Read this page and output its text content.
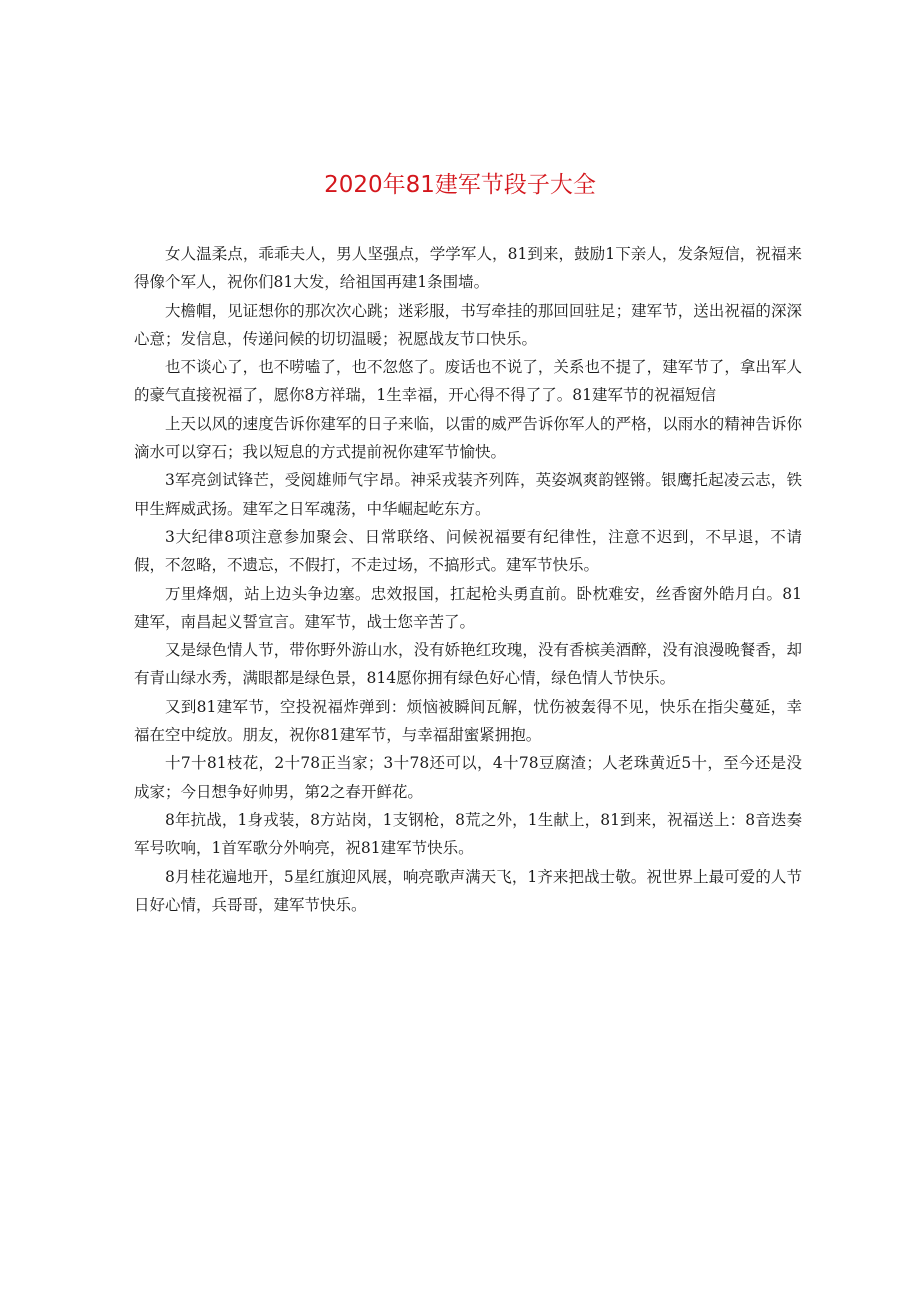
2020年81建军节段子大全

女人温柔点，乖乖夫人，男人坚强点，学学军人，81到来，鼓励1下亲人，发条短信，祝福来得像个军人，祝你们81大发，给祖国再建1条围墙。

大檐帽，见证想你的那次次心跳；迷彩服，书写牵挂的那回回驻足；建军节，送出祝福的深深心意；发信息，传递问候的切切温暖；祝愿战友节口快乐。

也不谈心了，也不唠嗑了，也不忽悠了。废话也不说了，关系也不提了，建军节了，拿出军人的豪气直接祝福了，愿你8方祥瑞，1生幸福，开心得不得了了。81建军节的祝福短信

上天以风的速度告诉你建军的日子来临，以雷的威严告诉你军人的严格，以雨水的精神告诉你滴水可以穿石；我以短息的方式提前祝你建军节愉快。

3军亮剑试锋芒，受阅雄师气宇昂。神采戎装齐列阵，英姿飒爽韵铿锵。银鹰托起凌云志，铁甲生辉威武扬。建军之日军魂荡，中华崛起屹东方。

3大纪律8项注意参加聚会、日常联络、问候祝福要有纪律性，注意不迟到，不早退，不请假，不忽略，不遗忘，不假打，不走过场，不搞形式。建军节快乐。

万里烽烟，站上边头争边塞。忠效报国，扛起枪头勇直前。卧枕难安，丝香窗外皓月白。81建军，南昌起义誓宣言。建军节，战士您辛苦了。

又是绿色情人节，带你野外游山水，没有娇艳红玫瑰，没有香槟美酒醉，没有浪漫晚餐香，却有青山绿水秀，满眼都是绿色景，814愿你拥有绿色好心情，绿色情人节快乐。

又到81建军节，空投祝福炸弹到：烦恼被瞬间瓦解，忧伤被轰得不见，快乐在指尖蔓延，幸福在空中绽放。朋友，祝你81建军节，与幸福甜蜜紧拥抱。

十7十81枝花，2十78正当家；3十78还可以，4十78豆腐渣；人老珠黄近5十，至今还是没成家；今日想争好帅男，第2之春开鲜花。

8年抗战，1身戎装，8方站岗，1支钢枪，8荒之外，1生献上，81到来，祝福送上：8音迭奏军号吹响，1首军歌分外响亮，祝81建军节快乐。

8月桂花遍地开，5星红旗迎风展，响亮歌声满天飞，1齐来把战士敬。祝世界上最可爱的人节日好心情，兵哥哥，建军节快乐。
